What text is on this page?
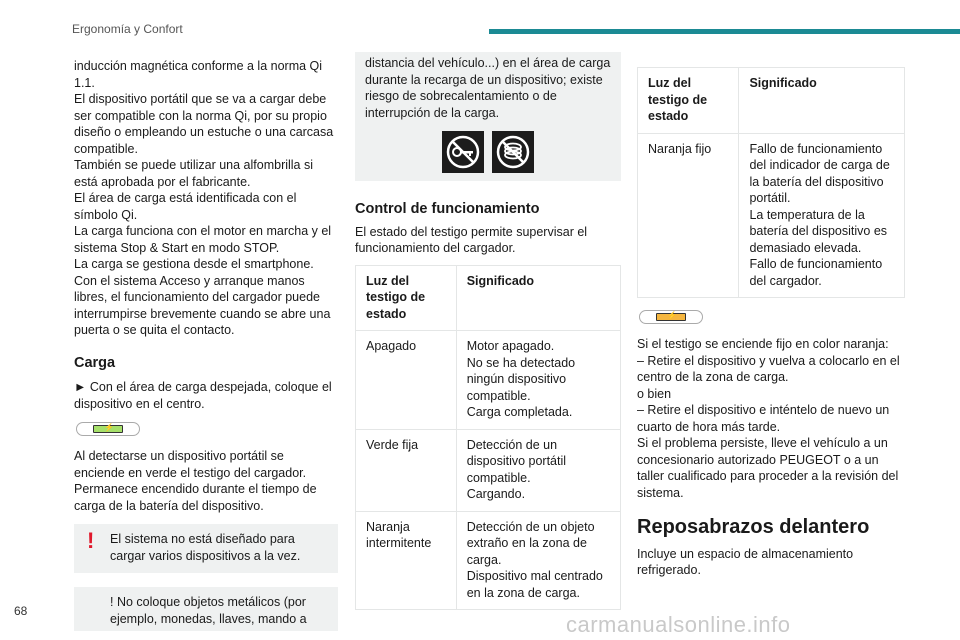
Ergonomía y Confort

inducción magnética conforme a la norma Qi 1.1.

El dispositivo portátil que se va a cargar debe ser compatible con la norma Qi, por su propio diseño o empleando un estuche o una carcasa compatible.

También se puede utilizar una alfombrilla si está aprobada por el fabricante.

El área de carga está identificada con el símbolo Qi.

La carga funciona con el motor en marcha y el sistema Stop & Start en modo STOP.

La carga se gestiona desde el smartphone.

Con el sistema Acceso y arranque manos libres, el funcionamiento del cargador puede interrumpirse brevemente cuando se abre una puerta o se quita el contacto.

Carga

► Con el área de carga despejada, coloque el dispositivo en el centro.

⚡

Al detectarse un dispositivo portátil se enciende en verde el testigo del cargador. Permanece encendido durante el tiempo de carga de la batería del dispositivo.

! El sistema no está diseñado para cargar varios dispositivos a la vez.
! No coloque objetos metálicos (por ejemplo, monedas, llaves, mando a
distancia del vehículo...) en el área de carga durante la recarga de un dispositivo; existe riesgo de sobrecalentamiento o de interrupción de la carga.
Control de funcionamiento
El estado del testigo permite supervisar el funcionamiento del cargador.
Luz del testigo de estado	Significado
Apagado	Motor apagado.
No se ha detectado ningún dispositivo compatible.
Carga completada.
Verde fija	Detección de un dispositivo portátil compatible.
Cargando.
Naranja intermitente	Detección de un objeto extraño en la zona de carga.
Dispositivo mal centrado en la zona de carga.
Luz del testigo de estado	Significado
Naranja fijo	Fallo de funcionamiento del indicador de carga de la batería del dispositivo portátil.
La temperatura de la batería del dispositivo es demasiado elevada.
Fallo de funcionamiento del cargador.
⚡
Si el testigo se enciende fijo en color naranja:
– Retire el dispositivo y vuelva a colocarlo en el centro de la zona de carga.
o bien
– Retire el dispositivo e inténtelo de nuevo un cuarto de hora más tarde.
Si el problema persiste, lleve el vehículo a un concesionario autorizado PEUGEOT o a un taller cualificado para proceder a la revisión del sistema.
Reposabrazos delantero
Incluye un espacio de almacenamiento refrigerado.
68
carmanualsonline.info
